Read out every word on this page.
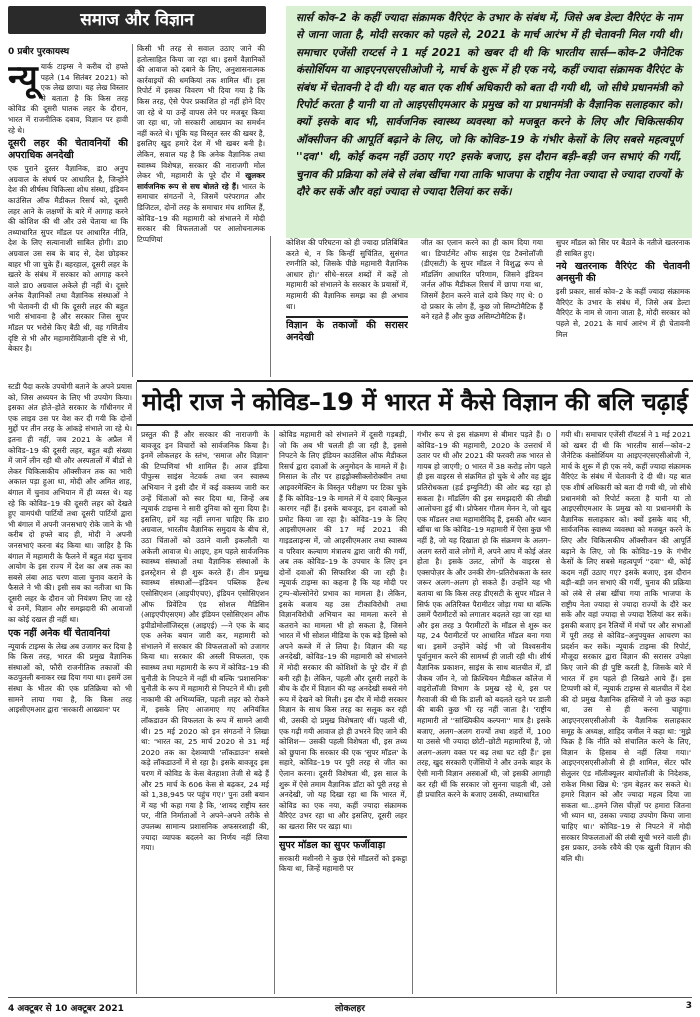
समाज और विज्ञान	सार्स कोव–2 के कहीं ज्यादा संक्रामक वैरिएंट के उभार के संबंध में, जिसे अब डेल्टा वैरिएंट के नाम से जाना जाता है, मोदी सरकार को पहले से, 2021 के मार्च आरंभ में ही चेतावनी मिल गयी थी। समाचार एजेंसी राय्टर्स ने 1 मई 2021 को खबर दी थी कि भारतीय सार्स—कोव–2 जैनेटिक कंसोर्शियम या आइएनएसएसीओजी ने, मार्च के शुरू में ही एक नये, कहीं ज्यादा संक्रामक वैरिएंट के संबंध में चेतावनी दे दी थी। यह बात एक शीर्ष अधिकारी को बता दी गयी थी, जो सीधे प्रधानमंत्री को रिपोर्ट करता है यानी या तो आइएसीएमआर के प्रमुख को या प्रधानमंत्री के वैज्ञानिक सलाहकार को। क्यों इसके बाद भी, सार्वजनिक स्वास्थ्य व्यवस्था को मजबूत करने के लिए और चिकित्सकीय ऑक्सीजन की आपूर्ति बढ़ाने के लिए, जो कि कोविड–19 के गंभीर केसों के लिए सबसे महत्वपूर्ण ''दवा'' थी, कोई कदम नहीं उठाए गए? इसके बजाए, इस दौरान बड़ी–बड़ी जन सभाएं की गयीं, चुनाव की प्रक्रिया को लंबे से लंबा खींचा गया ताकि भाजपा के राष्ट्रीय नेता ज्यादा से ज्यादा राज्यों के दौरे कर सकें और वहां ज्यादा से ज्यादा रैलियां कर सकें।
0 प्रबीर पुरकायस्थ
न्यू यार्क टाइम्स ने करीब दो हफ्ते पहले (14 सितंबर 2021) को एक लेख छापा। यह लेख विस्तार से बताता है कि किस तरह कोविड की दूसरी घातक लहर के दौरान, भारत में राजनीतिक दबाव, विज्ञान पर हावी रहे थे।
दूसरी लहर की चेतावनियों की अपराधिक अनदेखी
एक पुराने दुस्तर वैज्ञानिक, डा0 अनुप अग्रवाल के संघर्ष पर आधारित है, जिन्होंने देश की शीर्षस्थ चिकित्सा शोध संस्था, इंडियन काउंसिल ऑफ मैडीकल रिसर्च को, दूसरी लहर आने के लक्षणों के बारे में आगाह करने की कोशिश की थी और उसे चेताया था कि तथ्याधारित सुपर मॉडल पर आधारित नीति, देश के लिए सत्यानाशी साबित होगी। डा0 अग्रवाल उस सब के बाद से, देश छोड़कर बाहर भी जा चुके हैं। बहरहाल, दूसरी लहर के खतरे के संबंध में सरकार को आगाह करने वाले डा0 अग्रवाल अकेले ही नहीं थे। दूसरे अनेक वैज्ञानिकों तथा वैज्ञानिक संस्थाओं ने भी चेतावनी दी थी कि दूसरी लहर की बहुत भारी संभावना है और सरकार जिस सुपर मॉडल पर भरोसे किए बैठी थी, वह गणितीय दृष्टि से भी और महामारीविज्ञानी दृष्टि से भी, बेकार है।
किसी भी तरह से सवाल उठाए जाने की हतोत्साहित किया जा रहा था। इसमें वैज्ञानिकों की आवाज को दबाने के लिए, अनुशासनात्मक कार्रवाइयों की धमकियां तक शामिल थीं। इस रिपोर्ट में इसका विवरण भी दिया गया है कि किस तरह, ऐसे पेपर प्रकाशित हो नहीं होने दिए जा रहे थे या उन्हें वापस लेने पर मजबूर किया जा रहा था, जो सरकारी आख्यान का समर्थन नहीं करते थे। चूंकि यह विस्तृत स्तर की खबर है, इसलिए खुद हमारे देश में भी खबर बनी है। लेकिन, सवाल यह है कि अनेक वैज्ञानिक तथा स्वास्थ्य विशेषज्ञ, सरकार की नाराजगी मोल लेकर भी, महामारी के पूरे दौर में खुलकर सार्वजनिक रूप से सच बोलते रहे हैं। भारत के समाचार संगठनों ने, जिसमें परंपरागत और डिजिटल, दोनों तरह के समाचार मंच शामिल हैं, कोविड–19 की महामारी को संभालने में मोदी सरकार की विफलताओं पर आलोचनात्मक टिप्पणियां	कोशिश की परिघटना को ही ज्यादा प्रतिबिंबित करते थे, न कि किन्हीं सुचिंतित, सुसंगत रणनीति को, जिसके पीछे महामारी वैज्ञानिक आधार हो।' सीधे–सरल शब्दों में कहें तो महामारी को संभालने के सरकार के प्रयासों में, महामारी की वैज्ञानिक समझ का ही अभाव था।
विज्ञान के तकाजों की सरासर अनदेखी
जीत का एलान करने का ही काम दिया गया था। डिपार्टमेंट ऑफ साइंस एंड टैक्नोलॉजी (डीएसटी) के सुपर मॉडल ने विशुद्ध रूप से मॉडलिंग आधारित परिणाम, जिसने इंडियन जर्नल ऑफ मैडीकल रिसर्च में छापा गया था, जिसमें हैरान करने वाले दावे किए गए थे: 0 दो प्रकार के लोग हैं, कुछ जो सिम्प्टोमैटिक हैं बने रहते हैं और कुछ असिम्प्टोमैटिक हैं।
सुपर मॉडल को सिर पर बैठाने के नतीजे खतरनाक ही साबित हुए।
नये खतरनाक वैरिएंट की चेतावनी अनसुनी की
इसी प्रकार, सार्स कोव–2 के कहीं ज्यादा संक्रामक वैरिएंट के उभार के संबंध में, जिसे अब डेल्टा वैरिएंट के नाम से जाना जाता है, मोदी सरकार को पहले से, 2021 के मार्च आरंभ में ही चेतावनी मिल
मोदी राज ने कोविड–19 में भारत में कैसे विज्ञान की बलि चढ़ाई
स्टडी पैदा करके उपयोगी बताने के अपने प्रयास को, जिस अध्ययन के लिए भी उपयोग किया। इसका अंत होते–होते सरकार के गाँधीनगर में एक लाइव उस पर वेश कर दी गयी कि दोनों मुद्दों पर तीन तरह के आंकड़े संभाले जा रहे थे। इतना ही नहीं, जब 2021 के अप्रैल में कोविड–19 की दूसरी लहर, बहुत बड़ी संख्या में जानें लीन रही थी और अस्पतालों में बीडों से लेकर चिकित्सकीय ऑक्सीजन तक का भारी अकाल पड़ा हुआ था, मोदी और अमित शाह, बंगाल में चुनाव अभियान में ही व्यस्त थे। यह रहे कि कोविड–19 की दूसरी लहर को देखते हुए वामपंथी पार्टियों तथा दूसरी पार्टियों द्वारा भी बंगाल में अपनी जनसभाएं रोके जाने के भी करीब दो हफ्ते बाद ही, मोदी ने अपनी जनसभाएं करना बंद किया था। जाहिर है कि बंगाल में महामारी के फैलने में बहुत मंदा चुनाव आयोग के इस राज्य में देश का अब तक का सबसे लंबा आठ चरण वाला चुनाव कराने के फैसले ने भी की। इसी सब का नतीजा था कि दूसरी लहर के दौरान जो नियंत्रण लिए जा रहे थे उनमें, विज्ञान और समझदारी की आवाजों का कोई दखल ही नहीं था।
एक नहीं अनेक थीं चेतावनियां
न्यूयार्क टाइम्स के लेख अब उजागर कर दिया है कि किस तरह, भारत की प्रमुख वैज्ञानिक संस्थाओं को, फौरी राजनीतिक तकाजों की कठपुतली बनाकर रख दिया गया था। इसमें उस संस्था के भीतर की एक प्रतिक्रिया को भी सामने लाया गया है, कि किस तरह आइसीएमआर द्वारा 'सरकारी आख्यान' पर
प्रस्तुत की हैं और सरकार की नाराजगी के बावजूद इन विचारों को सार्वजनिक किया है। इनमें लोकलहर के स्तंभ, 'समाज और विज्ञान' की टिप्पणियां भी शामिल हैं। आज इंडिया पीपुल्स साइंस नेटवर्क तथा जन स्वास्थ्य अभियान ने इसी दौर में कई वक्तव्य जारी कर उन्हें चिंताओं को स्वर दिया था, जिन्हें अब न्यूयार्क टाइम्स ने सारी दुनिया को सुना दिया है। इसलिए, हमें यह नहीं लगना चाहिए कि डा0 अग्रवाल, भारतीय वैज्ञानिक समुदाय के बीच से, उठा चिंताओं को उठाने वाली इकलौती या अकेली आवाज थे। आइए, हम पहले सार्वजनिक स्वास्थ्य संस्थाओं तथा वैज्ञानिक संस्थाओं के इलस्ट्रेशन से ही शुरू करते हैं। तीन प्रमुख स्वास्थ्य संस्थाओं—इंडियन पब्लिक हैल्थ एसोसिएशन (आइपीएचए), इंडियन एसोसिएशन ऑफ प्रिवेंटिव एंड सोशल मैडिसिन (आइएपीएसएम) और इंडियन एसोसिएशन ऑफ इपीडोमोलॉजिस्ट्स (आइएई) —ने एक के बाद एक अनेक बयान जारी कर, महामारी को संभालने में सरकार की विफलताओं को उजागर किया था। सरकार की अस्ली विफलता, एक स्वास्थ्य तथा महामारी के रूप में कोविड–19 की चुनौती के निपटने में नहीं थी बल्कि 'प्रशासनिक' चुनौती के रूप में महामारी से निपटने में थी। इसी नाकामी की अभिव्यक्ति, पहली लहर को रोकने में, इसके लिए आजमाए गए अनियंत्रित लॉकडाउन की विफलता के रूप में सामने आयी थी। 25 मई 2020 को इन संगठनों ने लिखा था: 'भारत का, 25 मार्च 2020 से 31 मई 2020 तक का देशव्यापी 'लॉकडाउन' सबसे कड़े लॉकडाउनों में से रहा है। इसके बावजूद इस चरण में कोविड के केस बेतहाशा तेजी से बढ़े हैं और 25 मार्च के 606 केस से बढ़कर, 24 मई को 1,38,945 पर पहुंच गए।' पुनः उसी बयान में यह भी कहा गया है कि, 'शायद राष्ट्रीय स्तर पर, नीति निर्माताओं ने अपने–अपने तरीके से उपलब्ध सामान्य प्रशासनिक अफसरशाही की, ज्यादा व्यापक बदलने का निर्णय नहीं लिया गया।
कोविड महामारी को संभालने में दूसरी गड़बड़ी, जो कि अब भी चलती ही जा रही है, इससे निपटने के लिए इंडियन काउंसिल ऑफ मैडीकल रिसर्च द्वारा दवाओं के अनुमोदन के मामले में है। मिसाल के तौर पर हाइड्रोक्सीक्लोरोक्वीन तथा आइवरमेक्टिन के विस्तृत परीक्षण पर टिका चुके हैं कि कोविड–19 के मामले में ये दवाएं बिल्कुल कारगर नहीं हैं। इसके बावजूद, इन दवाओं को प्रमोट किया जा रहा है। कोविड–19 के लिए आइसीएमआर की 17 मई 2021 की गाइडलाइन्स में, जो आइसीएमआर तथा स्वास्थ्य व परिवार कल्याण मंत्रालय द्वारा जारी की गयीं, अब तक कोविड–19 के उपचार के लिए इन दोनों दवाओं की सिफारिश की जा रही है। न्यूयार्क टाइम्स का कहना है कि यह मोदी पर ट्रम्प–बोल्सोनेरो प्रभाव का मामला है। लेकिन, इसके बजाय यह उस टीकाविरोधी तथा विज्ञानविरोधी अभियान का मामला करने से कतराने का मामला भी हो सकता है, जिसने भारत में भी सोशल मीडिया के एक बड़े हिस्से को अपने कब्जे में ले लिया है। विज्ञान की यह अनदेखी, कोविड–19 की महामारी को संभालने में मोदी सरकार की कोशिशों के पूरे दौर में ही बनी रही है। लेकिन, पहली और दूसरी लहरों के बीच के दौर में विज्ञान की यह अनदेखी सबसे नंगे रूप में देखने को मिली। इस दौर में मोदी सरकार विज्ञान के साथ किस तरह का सलूक कर रही थी, उसकी दो प्रमुख विशेषताएं थीं। पहली थी, एक गढ़ी गयी आवाज हो ही उभरने दिए जाने की कोशिश— उसकी पहली विशेषता थी, इस तथ्य को छुपाना कि सरकार की एक 'सुपर मॉडल' के सहारे, कोविड–19 पर पूरी तरह से जीत का ऐलान करना। दूसरी विशेषता थी, इस साल के शुरू में ऐसे तमाम वैज्ञानिक डॉटा को पूरी तरह से अनदेखी, जो यह दिखा रहा था कि भारत में, कोविड का एक नया, कहीं ज्यादा संक्रामक वैरिएंट उभर रहा था और इसलिए, दूसरी लहर का खतरा सिर पर खड़ा था।
सुपर मॉडल का सुपर फर्जीवाड़ा
सरकारी मशीनरी ने कुछ ऐसे मॉडलरों को इकट्ठा किया था, जिन्हें महामारी पर
गंभीर रूप से इस संक्रमण से बीमार पड़ते हैं। 0 कोविड–19 की महामारी, 2020 के उत्तरार्ध में उतार पर थी और 2021 की फरवरी तक भारत से गायब हो जाएगी; 0 भारत में 38 करोड़ लोग पहले ही इस वाइरस से संक्रमित हो चुके थे और वह झुंड प्रतिरोधकता (हर्ड इम्युनिटी) की ओर बढ़ रहा हो सकता है। मॉडलिंग की इस समझदारी की तीखी आलोचना हुई थी। प्रोफेसर गौतम मेनन ने, जो खुद एक मॉडलर तथा महामारीविद् हैं, इसकी और ध्यान खींचा था कि कोविड–19 महामारी में ऐसा कुछ भी नहीं है, जो यह दिखाता हो कि संक्रमण के अलग–अलग स्तरों वाले लोगों में, अपने आप में कोई अंतर होता है। इसके उलट, लोगों के वाइरस से एक्सपोज़र के और उनकी रोग–प्रतिरोधकता के स्तर जरूर अलग–अलग हो सकते हैं। उन्होंने यह भी बताया था कि किस तरह डीएसटी के सुपर मॉडल ने सिर्फ एक अतिरिक्त पैरामीटर जोड़ा गया था बल्कि उसमें पैरामीटरों को लगातार बदलते रहा जा रहा था और इस तरह 3 पैरामीटरों के मॉडल से शुरू कर यह, 24 पैरामीटरों पर आधारित मॉडल बना गया था। इसमें उन्होंने कोई भी जो विश्वसनीय पूर्वानुमान करने की सामर्थ्य ही जाती रही थी। शीर्ष वैज्ञानिक प्रकाशन, साइंस के साथ बातचीत में, डॉ जैकब जॉन ने, जो क्रिश्चियन मैडीकल कॉलेज में वाइरोलॉजी विभाग के प्रमुख रहे थे, इस पर गैरवाजी की थी कि डाली को बदलते रहने पर डाली की बाकी कुछ भी रह नहीं जाता है। 'राष्ट्रीय महामारी तो ''सांख्यिकीय कल्पना'' मात्र है। इसके बजाए, अलग–अलग राज्यों तथा शहरों में, 100 या उससे भी ज्यादा छोटी–छोटी महामारियां हैं, जो अलग–अलग वक्त पर बढ़ तथा घट रही हैं।' इस तरह, खुद सरकारी एजेंसियों ने और उनके बाहर के ऐसी मानी विज्ञान अस्त्राओं थी, जो इसकी आगाही कर रही थीं कि सरकार जो सुनना चाहती थी, उसे ही प्रचारित करने के बजाए उसकी, तथ्याधारित
गयी थी। समाचार एजेंसी रॉयटर्स ने 1 मई 2021 को खबर दी थी कि भारतीय सार्स—कोव–2 जैनेटिक कंसोर्शियम या आइएनएसएसीओजी ने, मार्च के शुरू में ही एक नये, कहीं ज्यादा संक्रामक वैरिएंट के संबंध में चेतावनी दे दी थी। यह बात एक शीर्ष अधिकारी को बता दी गयी थी, जो सीधे प्रधानमंत्री को रिपोर्ट करता है यानी या तो आइएसीएमआर के प्रमुख को या प्रधानमंत्री के वैज्ञानिक सलाहकार को। क्यों इसके बाद भी, सार्वजनिक स्वास्थ्य व्यवस्था को मजबूत करने के लिए और चिकित्सकीय ऑक्सीजन की आपूर्ति बढ़ाने के लिए, जो कि कोविड–19 के गंभीर केसों के लिए सबसे महत्वपूर्ण ''दवा'' थी, कोई कदम नहीं उठाए गए? इसके बजाए, इस दौरान बड़ी–बड़ी जन सभाएं की गयीं, चुनाव की प्रक्रिया को लंबे से लंबा खींचा गया ताकि भाजपा के राष्ट्रीय नेता ज्यादा से ज्यादा राज्यों के दौरे कर सकें और वहां ज्यादा से ज्यादा रैलियां कर सकें। इसकी बजाए इन रैलियों में मंचों पर और सभाओं में पूरी तरह से कोविड–अनुपयुक्त आचरण का प्रदर्शन कर सकें। न्यूयार्क टाइम्स की रिपोर्ट, मौजूदा सरकार द्वारा विज्ञान की सरासर उपेक्षा किए जाने की ही पुष्टि करती है, जिसके बारे में भारत में हम पहले ही लिखते आये हैं। इस टिप्पणी को में, न्यूयार्क टाइम्स से बातचीत में देश की दो प्रमुख वैज्ञानिक हस्तियों ने जो कुछ कहा था, उस से ही करना चाहूंगा। आइएनएसएसीओजी के वैज्ञानिक सलाहकार समूह के अध्यक्ष, शाहिद जमील ने कहा था: 'मुझे फिक्र है कि नीति को संचालित करने के लिए, विज्ञान के हिसाब से नहीं लिया गया।' आइएनएसएसीओजी से ही शामिल, सेंटर फॉर सेलुलर एंड मॉलीक्यूलर बायोलॉजी के निदेशक, राकेश मिश्रा खिन्न थे: 'हम बेहतर कर सकते थे। हमारे विज्ञान को और ज्यादा महत्व दिया जा सकता था...हमने जिस चीज़ों पर हमारा जितना भी ध्यान था, उसका ज्यादा उपयोग किया जाना चाहिए था।' कोविड–19 से निपटने में मोदी सरकार विफलताओं की लंबी सूची भरने वाली ही। इस प्रकार, उनके रवैये की एक खुली विज्ञान की बलि थी।
4 अक्टूबर से 10 अक्टूबर 2021	लोकलहर	3
